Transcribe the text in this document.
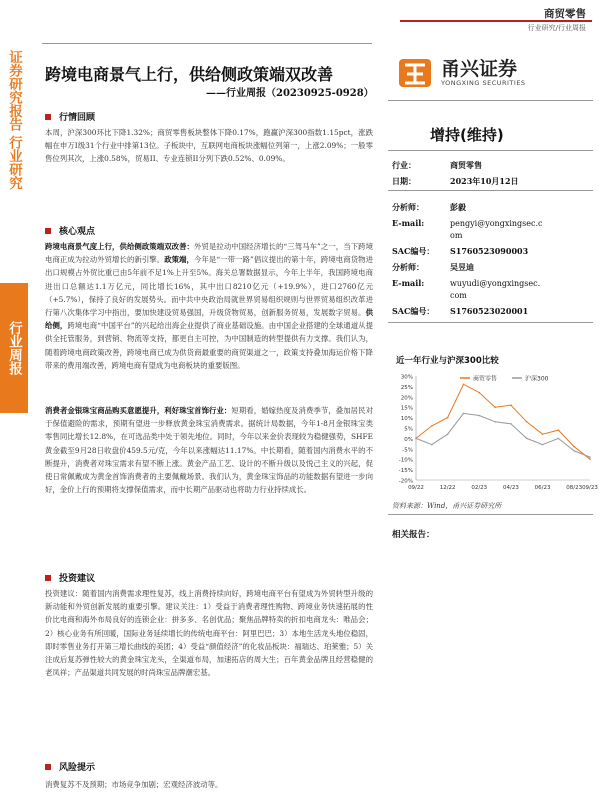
商贸零售
行业研究/行业周报
证券研究报告 行业研究
行业周报
跨境电商景气上行，供给侧政策端双改善
——行业周报（20230925-0928）
甬兴证券
YONGXING SECURITIES
行情回顾
本周，沪深300环比下降1.32%；商贸零售板块整体下降0.17%，跑赢沪深300指数1.15pct，涨跌幅在申万I级31个行业中排第13位。子板块中，互联网电商板块涨幅位列第一，上涨2.09%；一般零售位列其次，上涨0.58%，贸易II、专业连锁II分列下跌0.52%、0.09%。
核心观点
跨境电商景气度上行，供给侧政策端双改善：外贸是拉动中国经济增长的“三驾马车”之一，当下跨境电商正成为拉动外贸增长的新引擎。政策端，今年是“一带一路”倡议提出的第十年，跨境电商货物进出口规模占外贸比重已由5年前不足1%上升至5%。海关总署数据显示，今年上半年，我国跨境电商进出口总额达1.1万亿元，同比增长16%，其中出口8210亿元（+19.9%），进口2760亿元（+5.7%），保持了良好的发展势头。而中共中央政治局就世界贸易组织规则与世界贸易组织改革进行第八次集体学习中指出，要加快建设贸易强国，升级货物贸易，创新服务贸易，发展数字贸易。供给侧，跨境电商“中国平台”的兴起给出海企业提供了商业基础设施。由中国企业搭建的全球通道从提供全托管服务，到营销、物流等支持，都更自主可控，为中国制造的转型提供有力支撑。我们认为，随着跨境电商政策改善，跨境电商已成为供货商最重要的商贸渠道之一，政策支持叠加海运价格下降带来的费用端改善，跨境电商有望成为电商板块的重要版图。
消费者金银珠宝商品购买意愿提升，利好珠宝首饰行业：短期看，婚嫁热度及消费季节，叠加居民对于保值避险的需求，预期有望进一步释放黄金珠宝消费需求。据统计局数据，今年1-8月金银珠宝类零售同比增长12.8%，在可选品类中处于领先地位。同时，今年以来金价表现较为稳健强势，SHFE黄金截至9月28日收盘价459.5元/克，今年以来涨幅达11.17%。中长期看，随着国内消费水平的不断提升，消费者对珠宝需求有望不断上涨。黄金产品工艺、设计的不断升级以及悦己主义的兴起，促使日常佩戴成为黄金首饰消费者的主要佩戴场景。我们认为，黄金珠宝饰品的功能数据有望进一步向好，金价上行的预期将支撑保值需求，而中长期产品驱动也将助力行业持续成长。
投资建议
投资建议：随着国内消费需求理性复苏，线上消费持续向好，跨境电商平台有望成为外贸转型升级的新动能和外贸创新发展的重要引擎。建议关注：1）受益于消费者理性购物、跨境业务快速拓展的性价比电商和海外布局良好的连锁企业：拼多多、名创优品；聚焦品牌特卖的折扣电商龙头：唯品会；2）核心业务有所回暖，国际业务延续增长的传统电商平台：阿里巴巴；3）本地生活龙头地位稳固，即时零售业务打开第三增长曲线的美团；4）受益“颜值经济”的化妆品板块：福瑞达、珀莱雅；5）关注成后复苏弹性较大的黄金珠宝龙头，全渠道布局，加速拓店的周大生；百年黄金品牌且经营稳健的老凤祥；产品渠道共同发展的时尚珠宝品牌潮宏基。
风险提示
消费复苏不及预期；市场竞争加剧；宏观经济波动等。
增持(维持)
行业：	商贸零售
日期：	2023年10月12日
分析师：	彭毅
E-mail:	pengyi@yongxingsec.c
om
SAC编号： S1760523090003
分析师：	吴昱迪
E-mail:	wuyudi@yongxingsec.
com
SAC编号： S1760523020001
近一年行业与沪深300比较
30%
25%
20%
15%
10%
5%
0%
-5%
-10%
-15%
-20%
09/22	12/22	02/23	04/23	06/23	08/23 09/23
商贸零售	沪深300
资料来源：Wind，甬兴证券研究所
相关报告：
